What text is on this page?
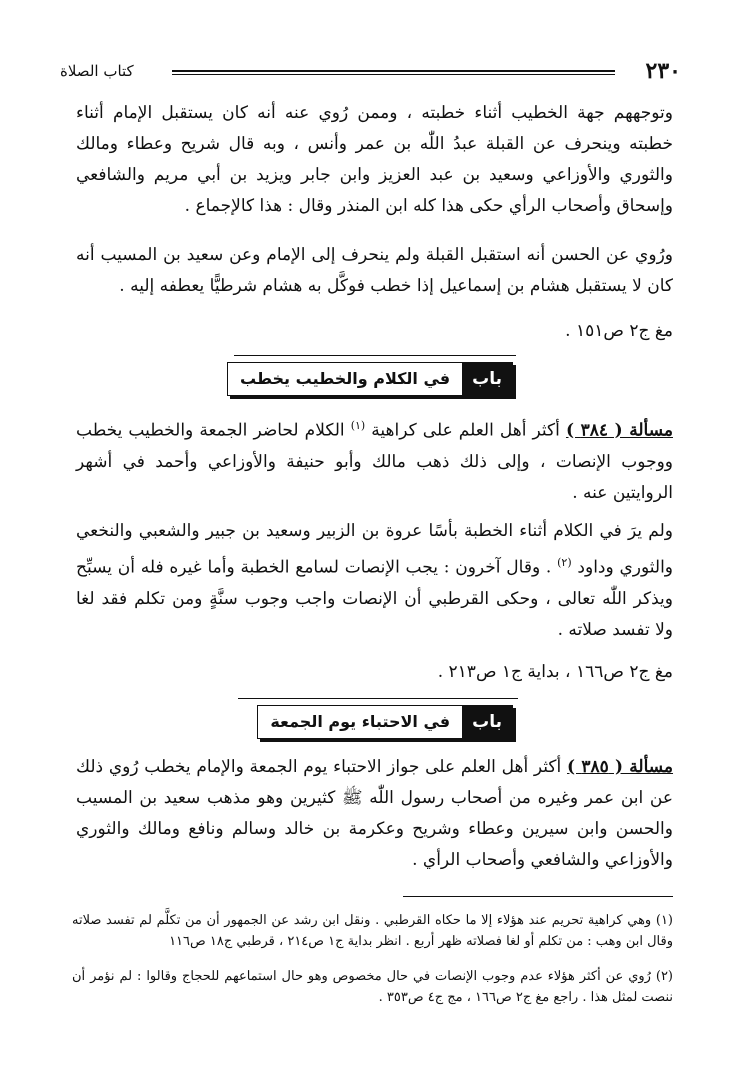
٢٣٠
كتاب الصلاة

وتوجههم جهة الخطيب أثناء خطبته ، وممن رُوي عنه أنه كان يستقبل الإمام أثناء خطبته وينحرف عن القبلة عبدُ اللّٰه بن عمر وأنس ، وبه قال شريح وعطاء ومالك والثوري والأوزاعي وسعيد بن عبد العزيز وابن جابر ويزيد بن أبي مريم والشافعي وإسحاق وأصحاب الرأي حكى هذا كله ابن المنذر وقال : هذا كالإجماع .

ورُوي عن الحسن أنه استقبل القبلة ولم ينحرف إلى الإمام وعن سعيد بن المسيب أنه كان لا يستقبل هشام بن إسماعيل إذا خطب فوكَّل به هشام شرطيًّا يعطفه إليه .

مغ ج٢ ص١٥١ .

باب
في الكلام والخطيب يخطب

مسألة ( ٣٨٤ ) أكثر أهل العلم على كراهية $^{(١)}$ الكلام لحاضر الجمعة والخطيب يخطب ووجوب الإنصات ، وإلى ذلك ذهب مالك وأبو حنيفة والأوزاعي وأحمد في أشهر الروايتين عنه .

ولم يرَ في الكلام أثناء الخطبة بأسًا عروة بن الزبير وسعيد بن جبير والشعبي والنخعي والثوري وداود $^{(٢)}$ . وقال آخرون : يجب الإنصات لسامع الخطبة وأما غيره فله أن يسبِّح ويذكر اللّٰه تعالى ، وحكى القرطبي أن الإنصات واجب وجوب سنَّةٍ ومن تكلم فقد لغا ولا تفسد صلاته .

مغ ج٢ ص١٦٦ ، بداية ج١ ص٢١٣ .

باب
في الاحتباء يوم الجمعة

مسألة ( ٣٨٥ ) أكثر أهل العلم على جواز الاحتباء يوم الجمعة والإمام يخطب رُوي ذلك عن ابن عمر وغيره من أصحاب رسول اللّٰه ﷺ كثيرين وهو مذهب سعيد بن المسيب والحسن وابن سيرين وعطاء وشريح وعكرمة بن خالد وسالم ونافع ومالك والثوري والأوزاعي والشافعي وأصحاب الرأي .

(١) وهي كراهية تحريم عند هؤلاء إلا ما حكاه القرطبي . ونقل ابن رشد عن الجمهور أن من تكلَّم لم تفسد صلاته وقال ابن وهب : من تكلم أو لغا فصلاته ظهر أربع . انظر بداية ج١ ص٢١٤ ، قرطبي ج١٨ ص١١٦

(٢) رُوي عن أكثر هؤلاء عدم وجوب الإنصات في حال مخصوص وهو حال استماعهم للحجاج وقالوا : لم نؤمر أن ننصت لمثل هذا . راجع مغ ج٢ ص١٦٦ ، مج ج٤ ص٣٥٣ .
